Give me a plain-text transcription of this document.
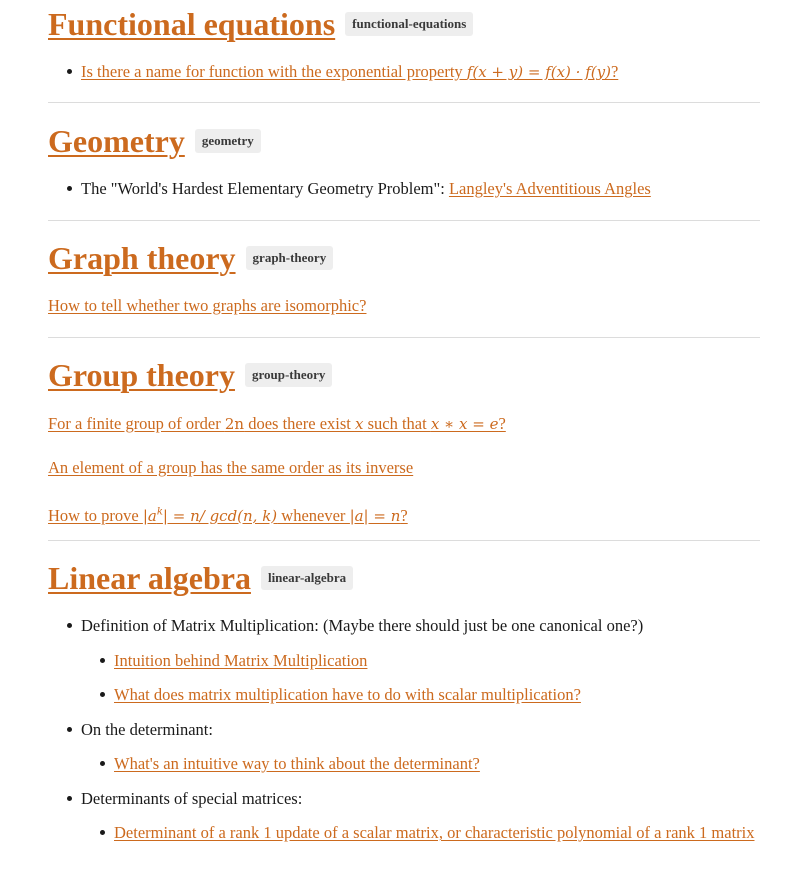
Functional equations	functional-equations
Is there a name for function with the exponential property f(x + y) = f(x) · f(y)?
Geometry	geometry
The "World's Hardest Elementary Geometry Problem": Langley's Adventitious Angles
Graph theory	graph-theory
How to tell whether two graphs are isomorphic?
Group theory	group-theory
For a finite group of order 2n does there exist x such that x ∗ x = e?
An element of a group has the same order as its inverse
How to prove $|a^k| = n/$ gcd(n, k) whenever |a| = n?
Linear algebra	linear-algebra
Definition of Matrix Multiplication: (Maybe there should just be one canonical one?)
Intuition behind Matrix Multiplication
What does matrix multiplication have to do with scalar multiplication?
On the determinant:
What's an intuitive way to think about the determinant?
Determinants of special matrices:
Determinant of a rank 1 update of a scalar matrix, or characteristic polynomial of a rank 1 matrix
